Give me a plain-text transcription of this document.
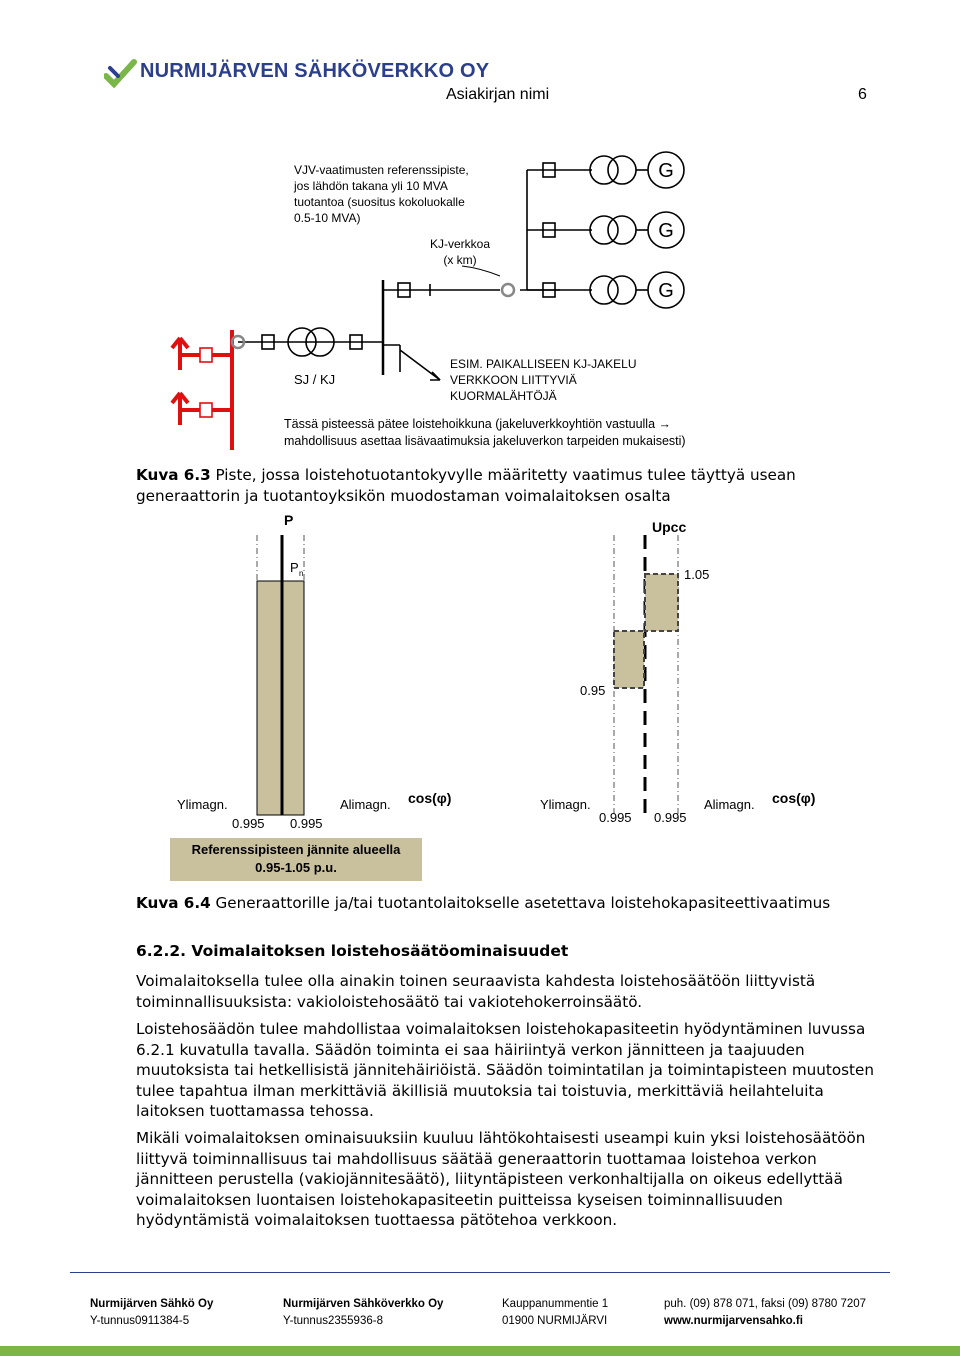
NURMIJÄRVEN SÄHKÖVERKKO OY
Asiakirjan nimi	6
G
G
G
VJV-vaatimusten referenssipiste,
jos lähdön takana yli 10 MVA
tuotantoa (suositus kokoluokalle
0.5-10 MVA)
KJ-verkkoa
(x km)
SJ / KJ
ESIM. PAIKALLISEEN KJ-JAKELU
VERKKOON LIITTYVIÄ
KUORMALÄHTÖJÄ
Tässä pisteessä pätee loistehoikkuna (jakeluverkkoyhtiön vastuulla →
mahdollisuus asettaa lisävaatimuksia jakeluverkon tarpeiden mukaisesti)
Kuva 6.3 Piste, jossa loistehotuotantokyvylle määritetty vaatimus tulee täyttyä usean generaattorin ja tuotantoyksikön muodostaman voimalaitoksen osalta
P
P n
cos(φ)
Ylimagn.	Alimagn.
0.995 0.995
Upcc
1.05
0.95
cos(φ)
Ylimagn.	Alimagn.
0.995 0.995
Referenssipisteen jännite alueella
0.95-1.05 p.u.
Kuva 6.4 Generaattorille ja/tai tuotantolaitokselle asetettava loistehokapasiteettivaatimus
6.2.2. Voimalaitoksen loistehosäätöominaisuudet
Voimalaitoksella tulee olla ainakin toinen seuraavista kahdesta loistehosäätöön liittyvistä toiminnallisuuksista: vakioloistehosäätö tai vakiotehokerroinsäätö.
Loistehosäädön tulee mahdollistaa voimalaitoksen loistehokapasiteetin hyödyntäminen luvussa 6.2.1 kuvatulla tavalla. Säädön toiminta ei saa häiriintyä verkon jännitteen ja taajuuden muutoksista tai hetkellisistä jännitehäiriöistä. Säädön toimintatilan ja toimintapisteen muutosten tulee tapahtua ilman merkittäviä äkillisiä muutoksia tai toistuvia, merkittäviä heilahteluita laitoksen tuottamassa tehossa.
Mikäli voimalaitoksen ominaisuuksiin kuuluu lähtökohtaisesti useampi kuin yksi loistehosäätöön liittyvä toiminnallisuus tai mahdollisuus säätää generaattorin tuottamaa loistehoa verkon jännitteen perustella (vakiojännitesäätö), liityntäpisteen verkonhaltijalla on oikeus edellyttää voimalaitoksen luontaisen loistehokapasiteetin puitteissa kyseisen toiminnallisuuden hyödyntämistä voimalaitoksen tuottaessa pätötehoa verkkoon.
Nurmijärven Sähkö Oy
Y-tunnus0911384-5
Nurmijärven Sähköverkko Oy
Y-tunnus2355936-8
Kauppanummentie 1
01900 NURMIJÄRVI
puh. (09) 878 071, faksi (09) 8780 7207
www.nurmijarvensahko.fi
